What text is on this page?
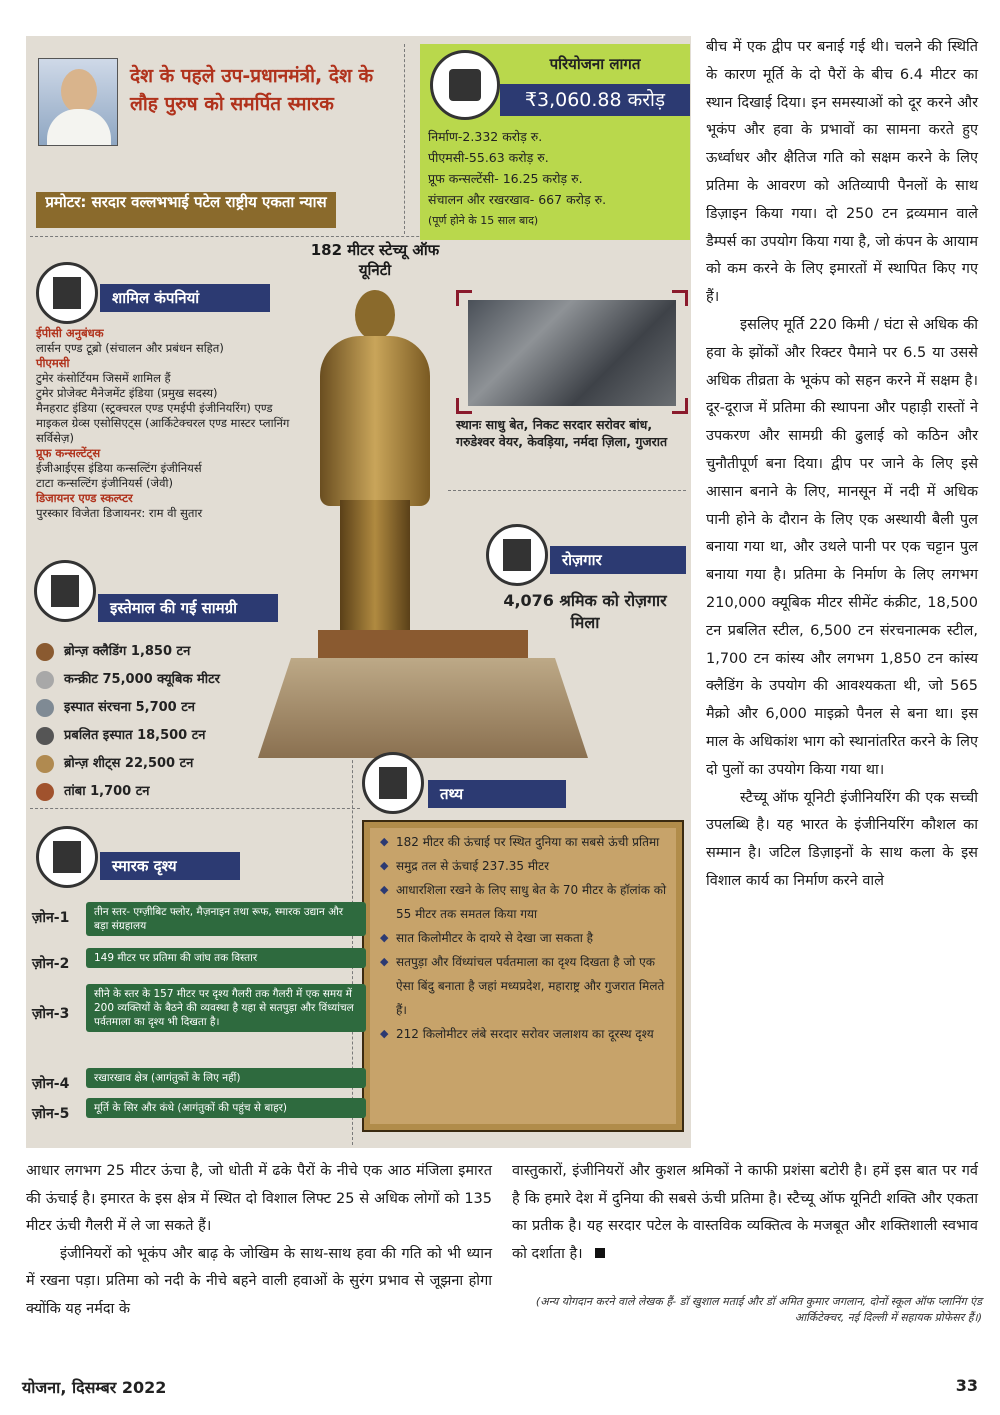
देश के पहले उप-प्रधानमंत्री, देश के लौह पुरुष को समर्पित स्मारक
प्रमोटर: सरदार वल्लभभाई पटेल राष्ट्रीय एकता न्यास
परियोजना लागत
₹3,060.88 करोड़
निर्माण-2.332 करोड़ रु.
पीएमसी-55.63 करोड़ रु.
प्रूफ कन्सल्टेंसी- 16.25 करोड़ रु.
संचालन और रखरखाव- 667 करोड़ रु.
(पूर्ण होने के 15 साल बाद)
182 मीटर स्टेच्यू ऑफ यूनिटी
शामिल कंपनियां
ईपीसी अनुबंधक
लार्सन एण्ड टूब्रो (संचालन और प्रबंधन सहित)
पीएमसी
टुमेर कंसोर्टियम जिसमें शामिल हैं
टुमेर प्रोजेक्ट मैनेजमेंट इंडिया (प्रमुख सदस्य)
मैनहराट इंडिया (स्ट्रक्चरल एण्ड एमईपी इंजीनियरिंग) एण्ड माइकल ग्रेव्स एसोसिएट्स (आर्किटेक्चरल एण्ड मास्टर प्लानिंग सर्विसेज़)
प्रूफ कन्सल्टेंट्स
ईजीआईएस इंडिया कन्सल्टिंग इंजीनियर्स
टाटा कन्सल्टिंग इंजीनियर्स (जेवी)
डिजायनर एण्ड स्कल्प्टर
पुरस्कार विजेता डिजायनर: राम वी सुतार
स्थानः साधु बेत, निकट सरदार सरोवर बांध, गरुडेश्वर वेयर, केवड़िया, नर्मदा ज़िला, गुजरात
रोज़गार
4,076 श्रमिक को रोज़गार मिला
इस्तेमाल की गई सामग्री
ब्रोन्ज़ क्लैडिंग 1,850 टन
कन्क्रीट 75,000 क्यूबिक मीटर
इस्पात संरचना 5,700 टन
प्रबलित इस्पात 18,500 टन
ब्रोन्ज़ शीट्स 22,500 टन
तांबा 1,700 टन	तथ्य
◆ 182 मीटर की ऊंचाई पर स्थित दुनिया का सबसे ऊंची प्रतिमा
◆ समुद्र तल से ऊंचाई 237.35 मीटर
◆ आधारशिला रखने के लिए साधु बेत के 70 मीटर के हॉलांक को 55 मीटर तक समतल किया गया
◆ सात किलोमीटर के दायरे से देखा जा सकता है
◆ सतपुड़ा और विंध्यांचल पर्वतमाला का दृश्य दिखता है जो एक ऐसा बिंदु बनाता है जहां मध्यप्रदेश, महाराष्ट्र और गुजरात मिलते हैं।
◆ 212 किलोमीटर लंबे सरदार सरोवर जलाशय का दूरस्थ दृश्य
स्मारक दृश्य
ज़ोन-1	तीन स्तर- एग्ज़ीबिट फ्लोर, मैज़नाइन तथा रूफ, स्मारक उद्यान और बड़ा संग्रहालय
ज़ोन-2	149 मीटर पर प्रतिमा की जांघ तक विस्तार
ज़ोन-3
सीने के स्तर के 157 मीटर पर दृश्य गैलरी तक गैलरी में एक समय में 200 व्यक्तियों के बैठने की व्यवस्था है यहा से सतपुड़ा और विंध्यांचल पर्वतमाला का दृश्य भी दिखता है।
ज़ोन-4	रखारखाव क्षेत्र (आगंतुकों के लिए नहीं)
ज़ोन-5	मूर्ति के सिर और कंधे (आगंतुकों की पहुंच से बाहर)

बीच में एक द्वीप पर बनाई गई थी। चलने की स्थिति के कारण मूर्ति के दो पैरों के बीच 6.4 मीटर का स्थान दिखाई दिया। इन समस्याओं को दूर करने और भूकंप और हवा के प्रभावों का सामना करते हुए ऊर्ध्वाधर और क्षैतिज गति को सक्षम करने के लिए प्रतिमा के आवरण को अतिव्यापी पैनलों के साथ डिज़ाइन किया गया। दो 250 टन द्रव्यमान वाले डैम्पर्स का उपयोग किया गया है, जो कंपन के आयाम को कम करने के लिए इमारतों में स्थापित किए गए हैं।

इसलिए मूर्ति 220 किमी / घंटा से अधिक की हवा के झोंकों और रिक्टर पैमाने पर 6.5 या उससे अधिक तीव्रता के भूकंप को सहन करने में सक्षम है। दूर-दूराज में प्रतिमा की स्थापना और पहाड़ी रास्तों ने उपकरण और सामग्री की ढुलाई को कठिन और चुनौतीपूर्ण बना दिया। द्वीप पर जाने के लिए इसे आसान बनाने के लिए, मानसून में नदी में अधिक पानी होने के दौरान के लिए एक अस्थायी बैली पुल बनाया गया था, और उथले पानी पर एक चट्टान पुल बनाया गया है। प्रतिमा के निर्माण के लिए लगभग 210,000 क्यूबिक मीटर सीमेंट कंक्रीट, 18,500 टन प्रबलित स्टील, 6,500 टन संरचनात्मक स्टील, 1,700 टन कांस्य और लगभग 1,850 टन कांस्य क्लैडिंग के उपयोग की आवश्यकता थी, जो 565 मैक्रो और 6,000 माइक्रो पैनल से बना था। इस माल के अधिकांश भाग को स्थानांतरित करने के लिए दो पुलों का उपयोग किया गया था।

स्टैच्यू ऑफ यूनिटी इंजीनियरिंग की एक सच्ची उपलब्धि है। यह भारत के इंजीनियरिंग कौशल का सम्मान है। जटिल डिज़ाइनों के साथ कला के इस विशाल कार्य का निर्माण करने वाले

आधार लगभग 25 मीटर ऊंचा है, जो धोती में ढके पैरों के नीचे एक आठ मंजिला इमारत की ऊंचाई है। इमारत के इस क्षेत्र में स्थित दो विशाल लिफ्ट 25 से अधिक लोगों को 135 मीटर ऊंची गैलरी में ले जा सकते हैं।

इंजीनियरों को भूकंप और बाढ़ के जोखिम के साथ-साथ हवा की गति को भी ध्यान में रखना पड़ा। प्रतिमा को नदी के नीचे बहने वाली हवाओं के सुरंग प्रभाव से जूझना होगा क्योंकि यह नर्मदा के

वास्तुकारों, इंजीनियरों और कुशल श्रमिकों ने काफी प्रशंसा बटोरी है। हमें इस बात पर गर्व है कि हमारे देश में दुनिया की सबसे ऊंची प्रतिमा है। स्टैच्यू ऑफ यूनिटी शक्ति और एकता का प्रतीक है। यह सरदार पटेल के वास्तविक व्यक्तित्व के मजबूत और शक्तिशाली स्वभाव को दर्शाता है।
(अन्य योगदान करने वाले लेखक हैं- डॉ खुशाल मताई और डॉ अमित कुमार जगलान, दोनों स्कूल ऑफ प्लानिंग एंड आर्किटेक्चर, नई दिल्ली में सहायक प्रोफेसर हैं।)
योजना, दिसम्बर 2022	33
